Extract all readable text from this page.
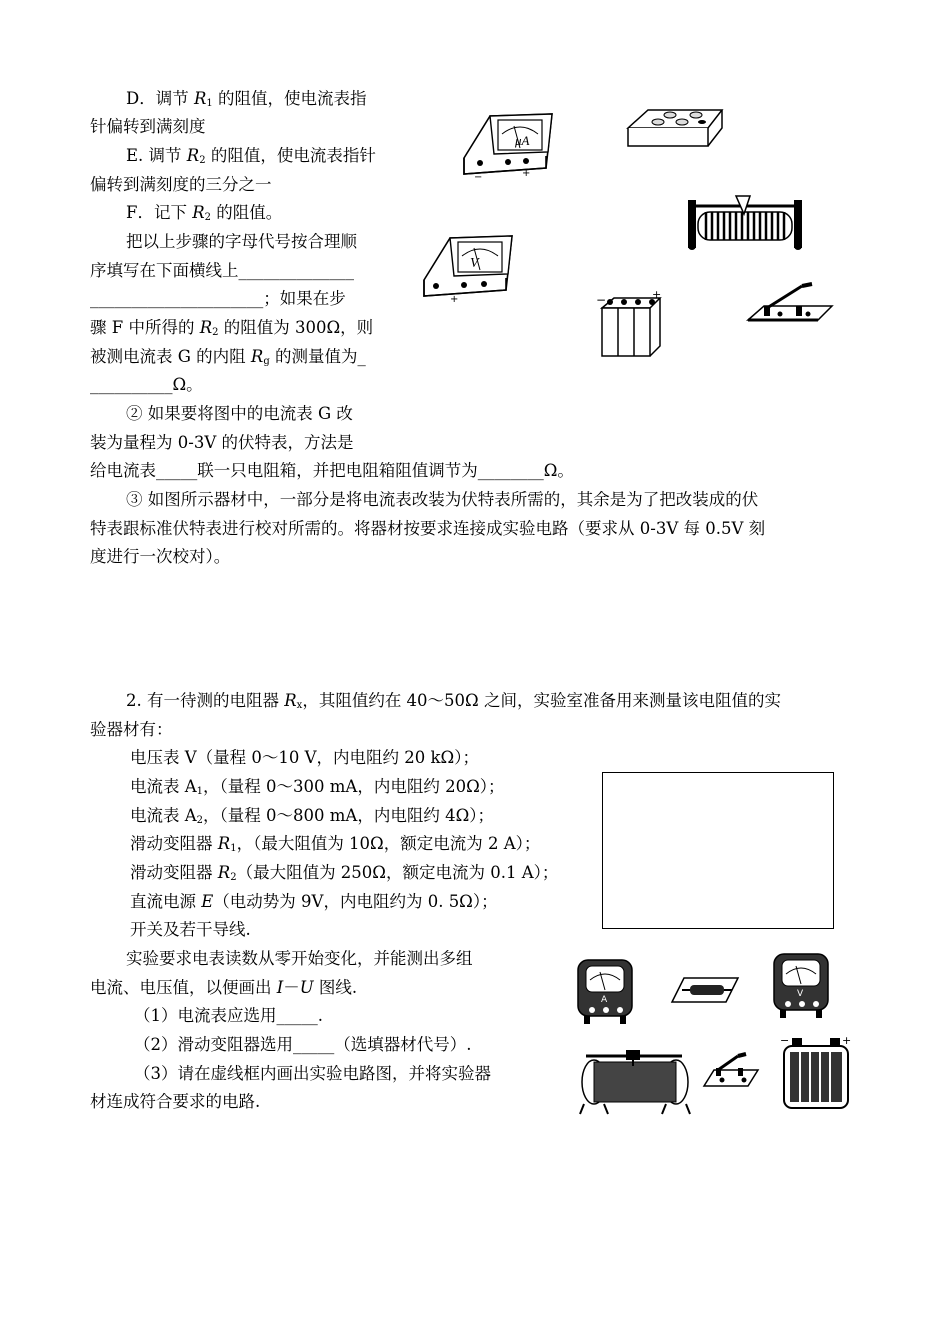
D．调节 $R_1$ 的阻值，使电流表指
针偏转到满刻度
E. 调节 $R_2$ 的阻值，使电流表指针
偏转到满刻度的三分之一
F．记下 $R_2$ 的阻值。
把以上步骤的字母代号按合理顺
序填写在下面横线上______________
_____________________；如果在步
骤 F 中所得的 $R_2$ 的阻值为 300Ω，则
被测电流表 G 的内阻 $R_g$ 的测量值为_
__________Ω。
② 如果要将图中的电流表 G 改
装为量程为 0-3V 的伏特表，方法是
给电流表_____联一只电阻箱，并把电阻箱阻值调节为________Ω。
③ 如图所示器材中，一部分是将电流表改装为伏特表所需的，其余是为了把改装成的伏
特表跟标准伏特表进行校对所需的。将器材按要求连接成实验电路（要求从 0-3V 每 0.5V 刻
度进行一次校对）。
μA
−	+
V
+	−	+
2. 有一待测的电阻器 $R_x$，其阻值约在 40～50Ω 之间，实验室准备用来测量该电阻值的实
验器材有：
电压表 V（量程 0～10 V，内电阻约 20 kΩ）；
电流表 $A_1$，（量程 0～300 mA，内电阻约 20Ω）；
电流表 $A_2$，（量程 0～800 mA，内电阻约 4Ω）；
滑动变阻器 $R_1$，（最大阻值为 10Ω，额定电流为 2 A）；
滑动变阻器 $R_2$（最大阻值为 250Ω，额定电流为 0.1 A）；
直流电源 E（电动势为 9V，内电阻约为 0. 5Ω）；
开关及若干导线.
实验要求电表读数从零开始变化，并能测出多组
电流、电压值，以便画出 I－U 图线.
（1）电流表应选用_____.
（2）滑动变阻器选用_____（选填器材代号）.
（3）请在虚线框内画出实验电路图，并将实验器
材连成符合要求的电路.
A
V
−	+
